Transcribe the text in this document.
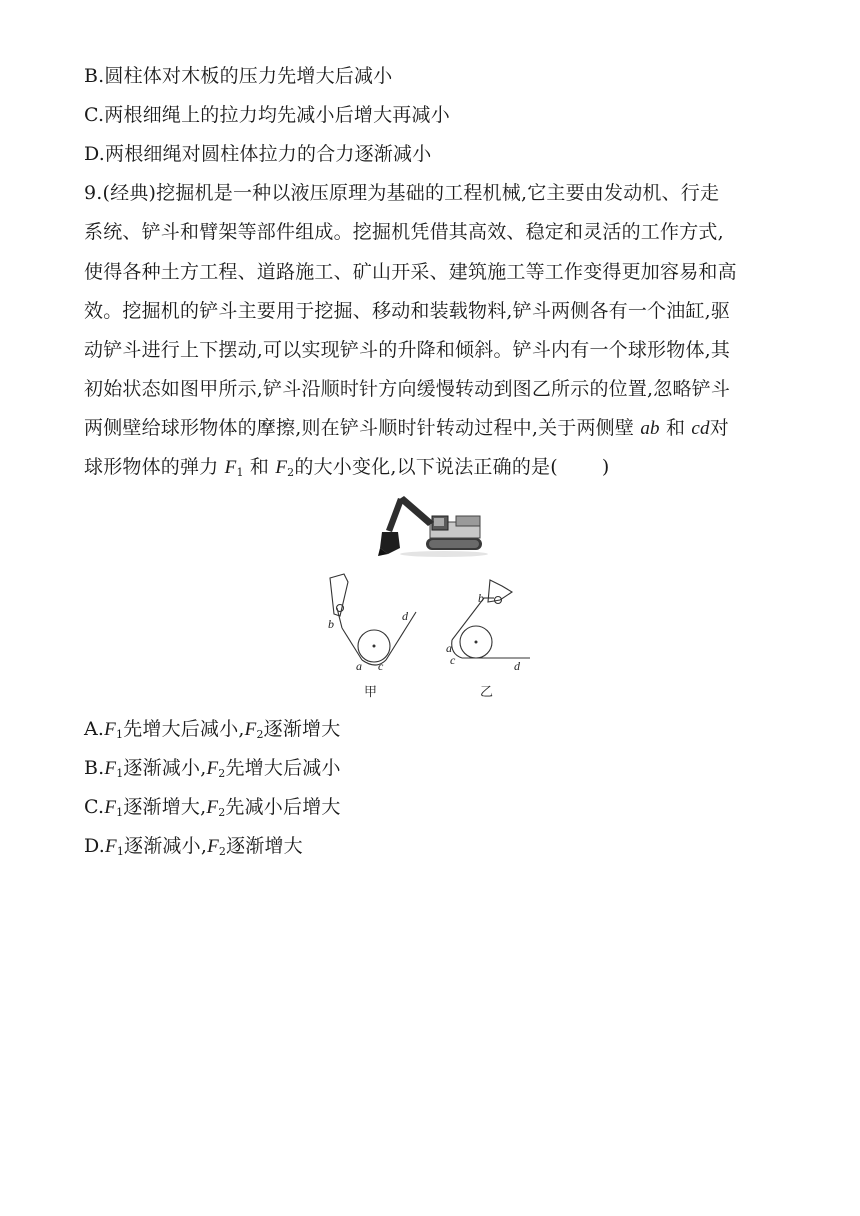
B.圆柱体对木板的压力先增大后减小
C.两根细绳上的拉力均先减小后增大再减小
D.两根细绳对圆柱体拉力的合力逐渐减小
9.(经典)挖掘机是一种以液压原理为基础的工程机械,它主要由发动机、行走
系统、铲斗和臂架等部件组成。挖掘机凭借其高效、稳定和灵活的工作方式,
使得各种土方工程、道路施工、矿山开采、建筑施工等工作变得更加容易和高
效。挖掘机的铲斗主要用于挖掘、移动和装载物料,铲斗两侧各有一个油缸,驱
动铲斗进行上下摆动,可以实现铲斗的升降和倾斜。铲斗内有一个球形物体,其
初始状态如图甲所示,铲斗沿顺时针方向缓慢转动到图乙所示的位置,忽略铲斗
两侧壁给球形物体的摩擦,则在铲斗顺时针转动过程中,关于两侧壁 ab 和 cd对
球形物体的弹力 $F_1$ 和 $F_2$的大小变化,以下说法正确的是( )
b
a c
d
b
a
c	d
甲	乙
$A.F_1$先增大后减小$,F_2$逐渐增大
$B.F_1$逐渐减小$,F_2$先增大后减小
$C.F_1$逐渐增大$,F_2$先减小后增大
$D.F_1$逐渐减小$,F_2$逐渐增大
